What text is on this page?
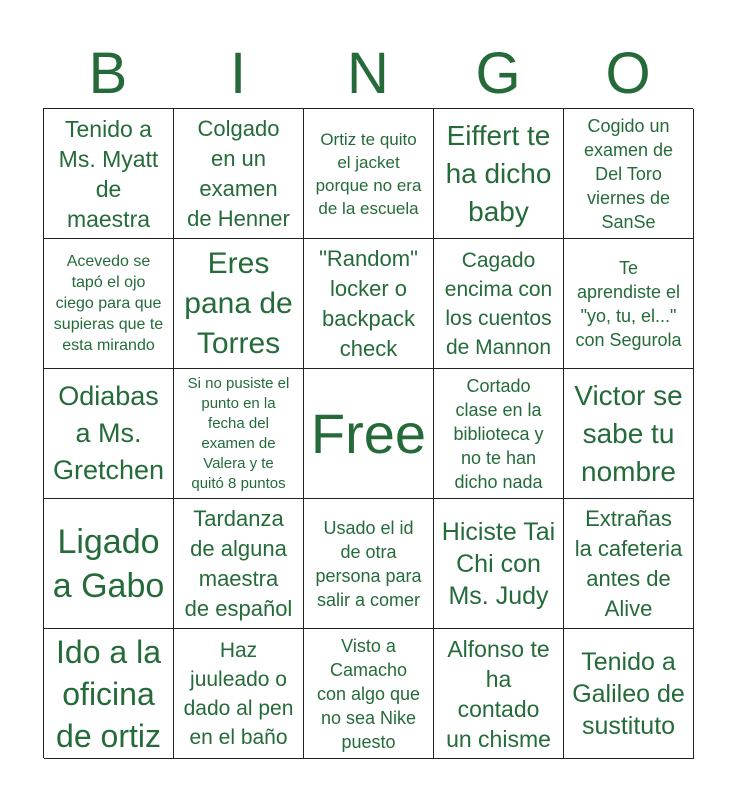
B	I	N	G	O
Tenido a
Ms. Myatt
de
maestra
Colgado
en un
examen
de Henner
Ortiz te quito
el jacket
porque no era
de la escuela
Eiffert te
ha dicho
baby
Cogido un
examen de
Del Toro
viernes de
SanSe
Acevedo se
tapó el ojo
ciego para que
supieras que te
esta mirando
Eres
pana de
Torres
"Random"
locker o
backpack
check
Cagado
encima con
los cuentos
de Mannon
Te
aprendiste el
"yo, tu, el..."
con Segurola
Odiabas
a Ms.
Gretchen
Si no pusiste el
punto en la
fecha del
examen de
Valera y te
quitó 8 puntos
Free
Cortado
clase en la
biblioteca y
no te han
dicho nada
Victor se
sabe tu
nombre
Ligado
a Gabo
Tardanza
de alguna
maestra
de español
Usado el id
de otra
persona para
salir a comer
Hiciste Tai
Chi con
Ms. Judy
Extrañas
la cafeteria
antes de
Alive
Ido a la
oficina
de ortiz
Haz
juuleado o
dado al pen
en el baño
Visto a
Camacho
con algo que
no sea Nike
puesto
Alfonso te
ha
contado
un chisme
Tenido a
Galileo de
sustituto
